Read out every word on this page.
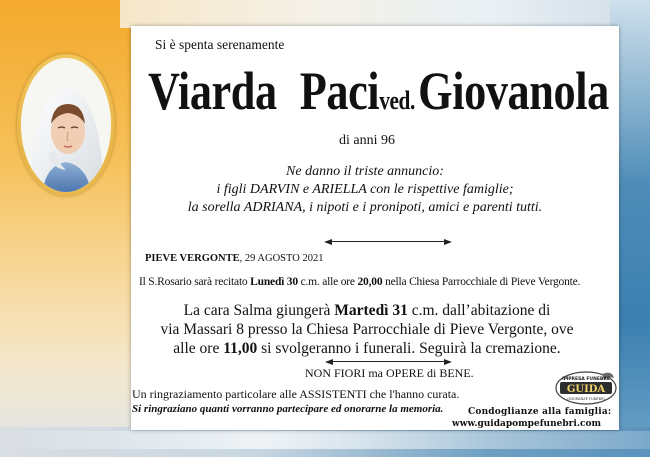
Si è spenta serenamente
Viarda Pacived.Giovanola
di anni 96
Ne danno il triste annuncio:
i figli DARVIN e ARIELLA con le rispettive famiglie;
la sorella ADRIANA, i nipoti e i pronipoti, amici e parenti tutti.
PIEVE VERGONTE, 29 AGOSTO 2021
Il S.Rosario sarà recitato Lunedì 30 c.m. alle ore 20,00 nella Chiesa Parrocchiale di Pieve Vergonte.
La cara Salma giungerà Martedì 31 c.m. dall’abitazione di
via Massari 8 presso la Chiesa Parrocchiale di Pieve Vergonte, ove
alle ore 11,00 si svolgeranno i funerali. Seguirà la cremazione.
NON FIORI ma OPERE di BENE.
Un ringraziamento particolare alle ASSISTENTI che l'hanno curata.
Si ringraziano quanti vorranno partecipare ed onorarne la memoria.
IMPRESA FUNEBRE
GUIDA
ONORANZE FUNEBRI
Condoglianze alla famiglia:
www.guidapompefunebri.com
